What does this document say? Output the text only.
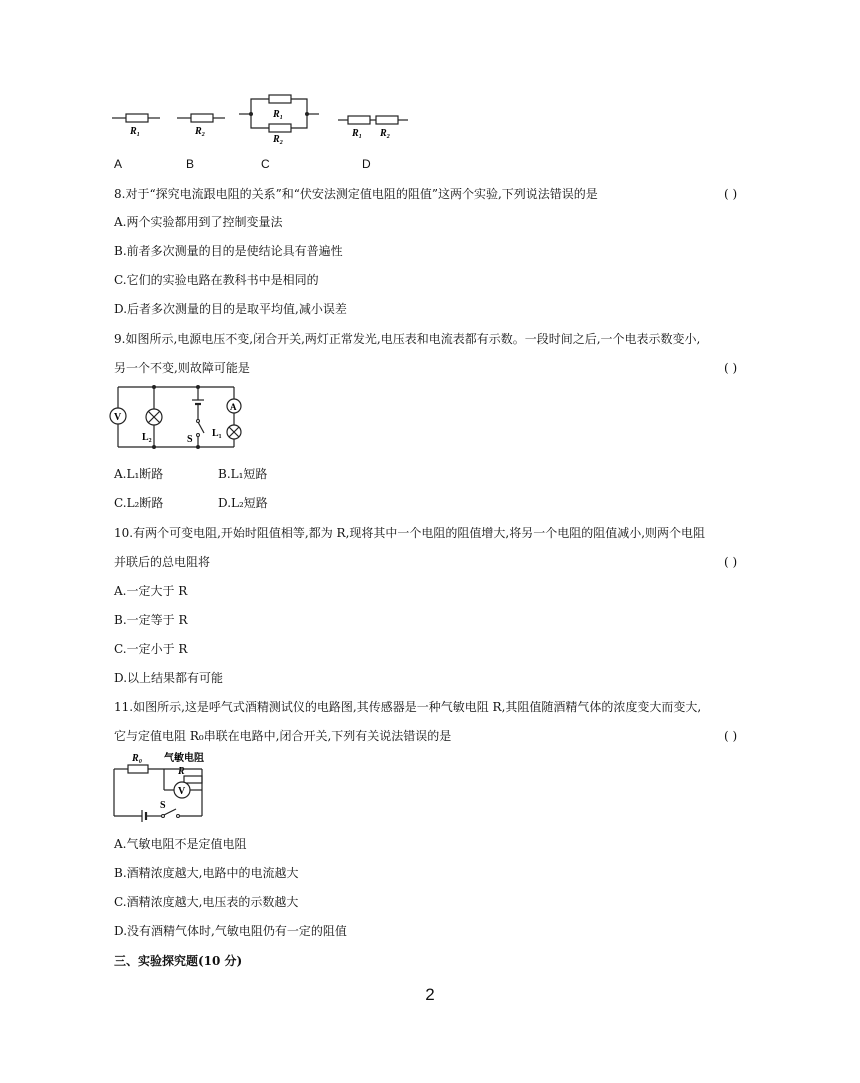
R₁	R₂
R₁
R₂
R₁ R₂
A	B	C	D
8.对于“探究电流跟电阻的关系”和“伏安法测定值电阻的阻值”这两个实验,下列说法错误的是	( )
A.两个实验都用到了控制变量法
B.前者多次测量的目的是使结论具有普遍性
C.它们的实验电路在教科书中是相同的
D.后者多次测量的目的是取平均值,减小误差
9.如图所示,电源电压不变,闭合开关,两灯正常发光,电压表和电流表都有示数。一段时间之后,一个电表示数变小,
另一个不变,则故障可能是	( )
V
L₂	S
A
L₁
A.L₁断路	B.L₁短路
C.L₂断路	D.L₂短路
10.有两个可变电阻,开始时阻值相等,都为 R,现将其中一个电阻的阻值增大,将另一个电阻的阻值减小,则两个电阻
并联后的总电阻将	( )
A.一定大于 R
B.一定等于 R
C.一定小于 R
D.以上结果都有可能
11.如图所示,这是呼气式酒精测试仪的电路图,其传感器是一种气敏电阻 R,其阻值随酒精气体的浓度变大而变大,
它与定值电阻 R₀串联在电路中,闭合开关,下列有关说法错误的是	( )
R₀ 气敏电阻
R
V
S
A.气敏电阻不是定值电阻
B.酒精浓度越大,电路中的电流越大
C.酒精浓度越大,电压表的示数越大
D.没有酒精气体时,气敏电阻仍有一定的阻值
三、实验探究题(10 分)
2
